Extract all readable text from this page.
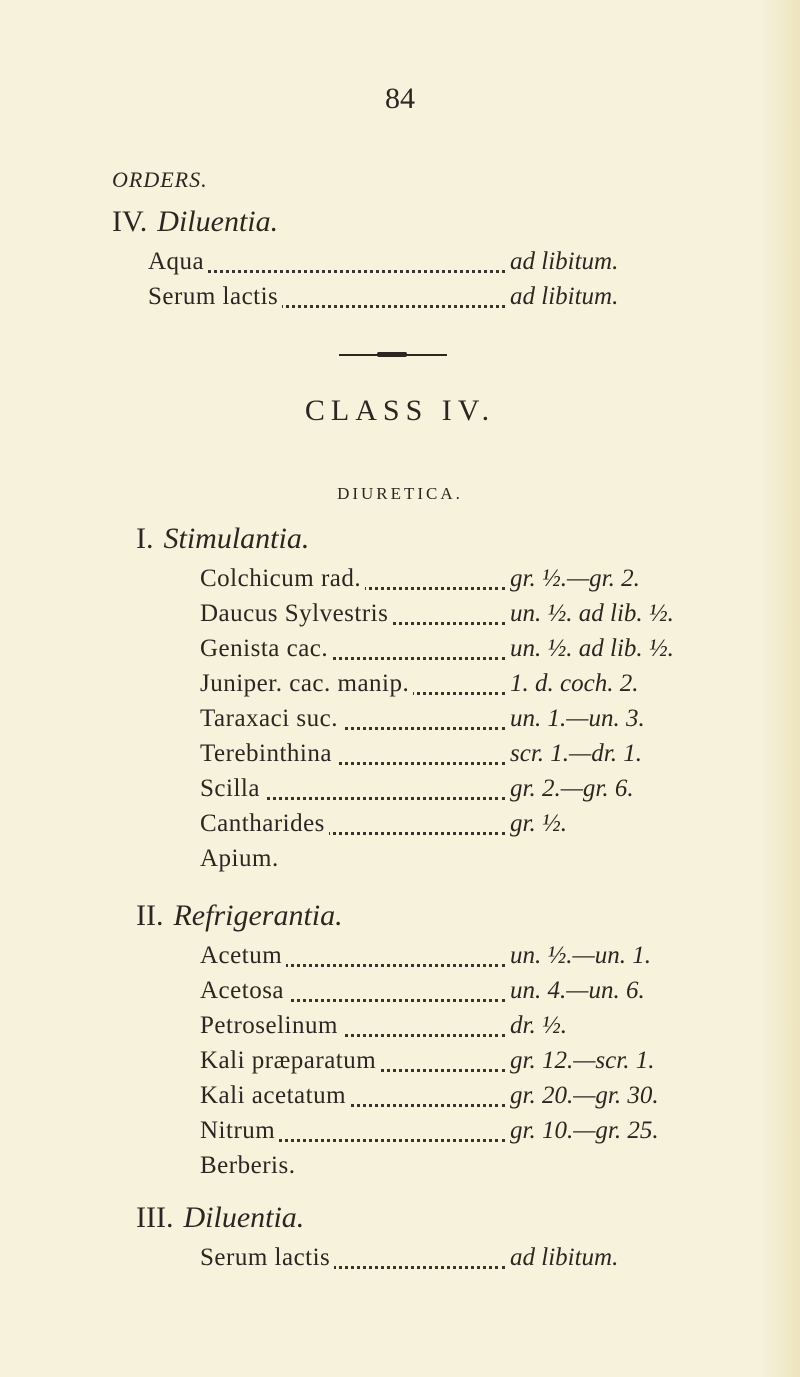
84
ORDERS.
IV. Diluentia.
Aqua	ad libitum.
Serum lactis	ad libitum.
CLASS IV.
DIURETICA.
I. Stimulantia.
Colchicum rad.	gr. ½.—gr. 2.
Daucus Sylvestris	un. ½. ad lib. ½.
Genista cac.	un. ½. ad lib. ½.
Juniper. cac. manip.	1. d. coch. 2.
Taraxaci suc.	un. 1.—un. 3.
Terebinthina	scr. 1.—dr. 1.
Scilla	gr. 2.—gr. 6.
Cantharides	gr. ½.
Apium.
II. Refrigerantia.
Acetum	un. ½.—un. 1.
Acetosa	un. 4.—un. 6.
Petroselinum	dr. ½.
Kali præparatum	gr. 12.—scr. 1.
Kali acetatum	gr. 20.—gr. 30.
Nitrum	gr. 10.—gr. 25.
Berberis.
III. Diluentia.
Serum lactis	ad libitum.
